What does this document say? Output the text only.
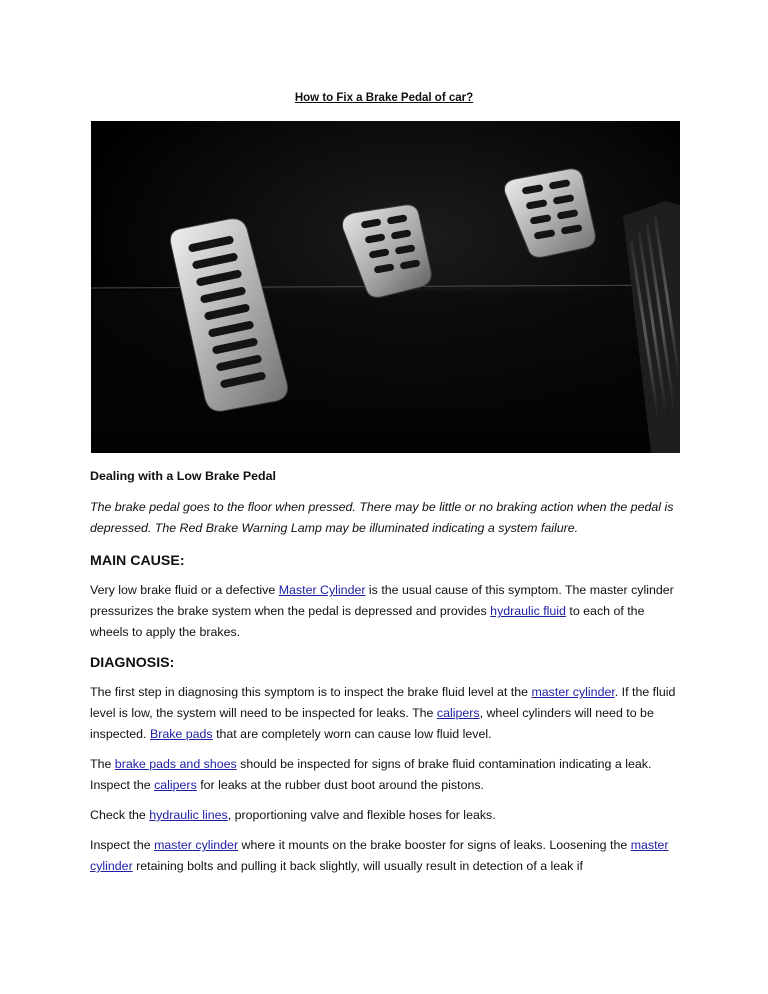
How to Fix a Brake Pedal of car?

Dealing with a Low Brake Pedal

The brake pedal goes to the floor when pressed. There may be little or no braking action when the pedal is depressed. The Red Brake Warning Lamp may be illuminated indicating a system failure.

MAIN CAUSE:

Very low brake fluid or a defective Master Cylinder is the usual cause of this symptom. The master cylinder pressurizes the brake system when the pedal is depressed and provides hydraulic fluid to each of the wheels to apply the brakes.

DIAGNOSIS:

The first step in diagnosing this symptom is to inspect the brake fluid level at the master cylinder. If the fluid level is low, the system will need to be inspected for leaks. The calipers, wheel cylinders will need to be inspected. Brake pads that are completely worn can cause low fluid level.

The brake pads and shoes should be inspected for signs of brake fluid contamination indicating a leak. Inspect the calipers for leaks at the rubber dust boot around the pistons.

Check the hydraulic lines, proportioning valve and flexible hoses for leaks.

Inspect the master cylinder where it mounts on the brake booster for signs of leaks. Loosening the master cylinder retaining bolts and pulling it back slightly, will usually result in detection of a leak if
